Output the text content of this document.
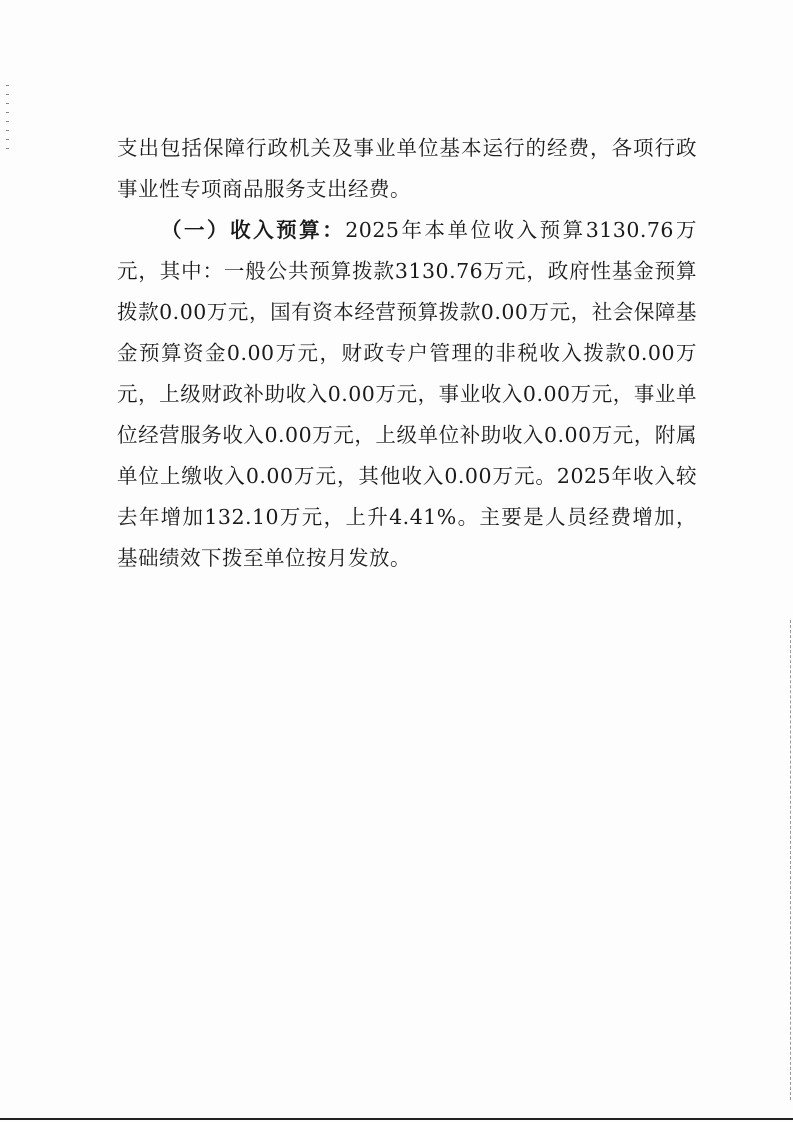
支出包括保障行政机关及事业单位基本运行的经费，各项行政事业性专项商品服务支出经费。

（一）收入预算：2025年本单位收入预算3130.76万元，其中：一般公共预算拨款3130.76万元，政府性基金预算拨款0.00万元，国有资本经营预算拨款0.00万元，社会保障基金预算资金0.00万元，财政专户管理的非税收入拨款0.00万元，上级财政补助收入0.00万元，事业收入0.00万元，事业单位经营服务收入0.00万元，上级单位补助收入0.00万元，附属单位上缴收入0.00万元，其他收入0.00万元。2025年收入较去年增加132.10万元，上升4.41%。主要是人员经费增加，基础绩效下拨至单位按月发放。
